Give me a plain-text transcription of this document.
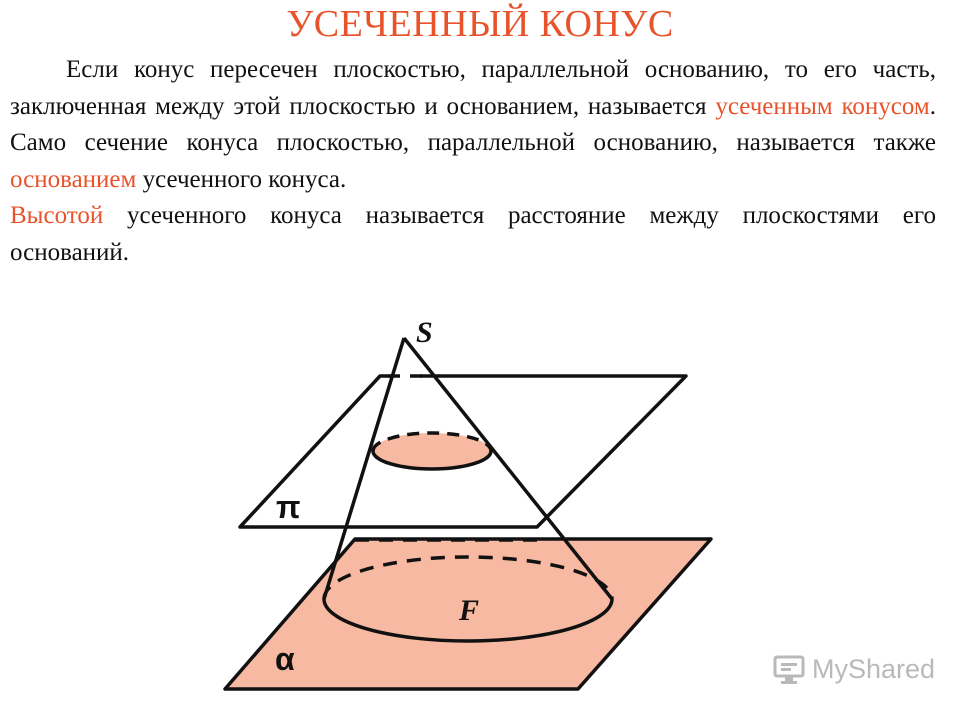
УСЕЧЕННЫЙ КОНУС

Если конус пересечен плоскостью, параллельной основанию, то его часть, заключенная между этой плоскостью и основанием, называется усеченным конусом. Само сечение конуса плоскостью, параллельной основанию, называется также основанием усеченного конуса.

Высотой усеченного конуса называется расстояние между плоскостями его оснований.

S
π
F
α	MyShared
